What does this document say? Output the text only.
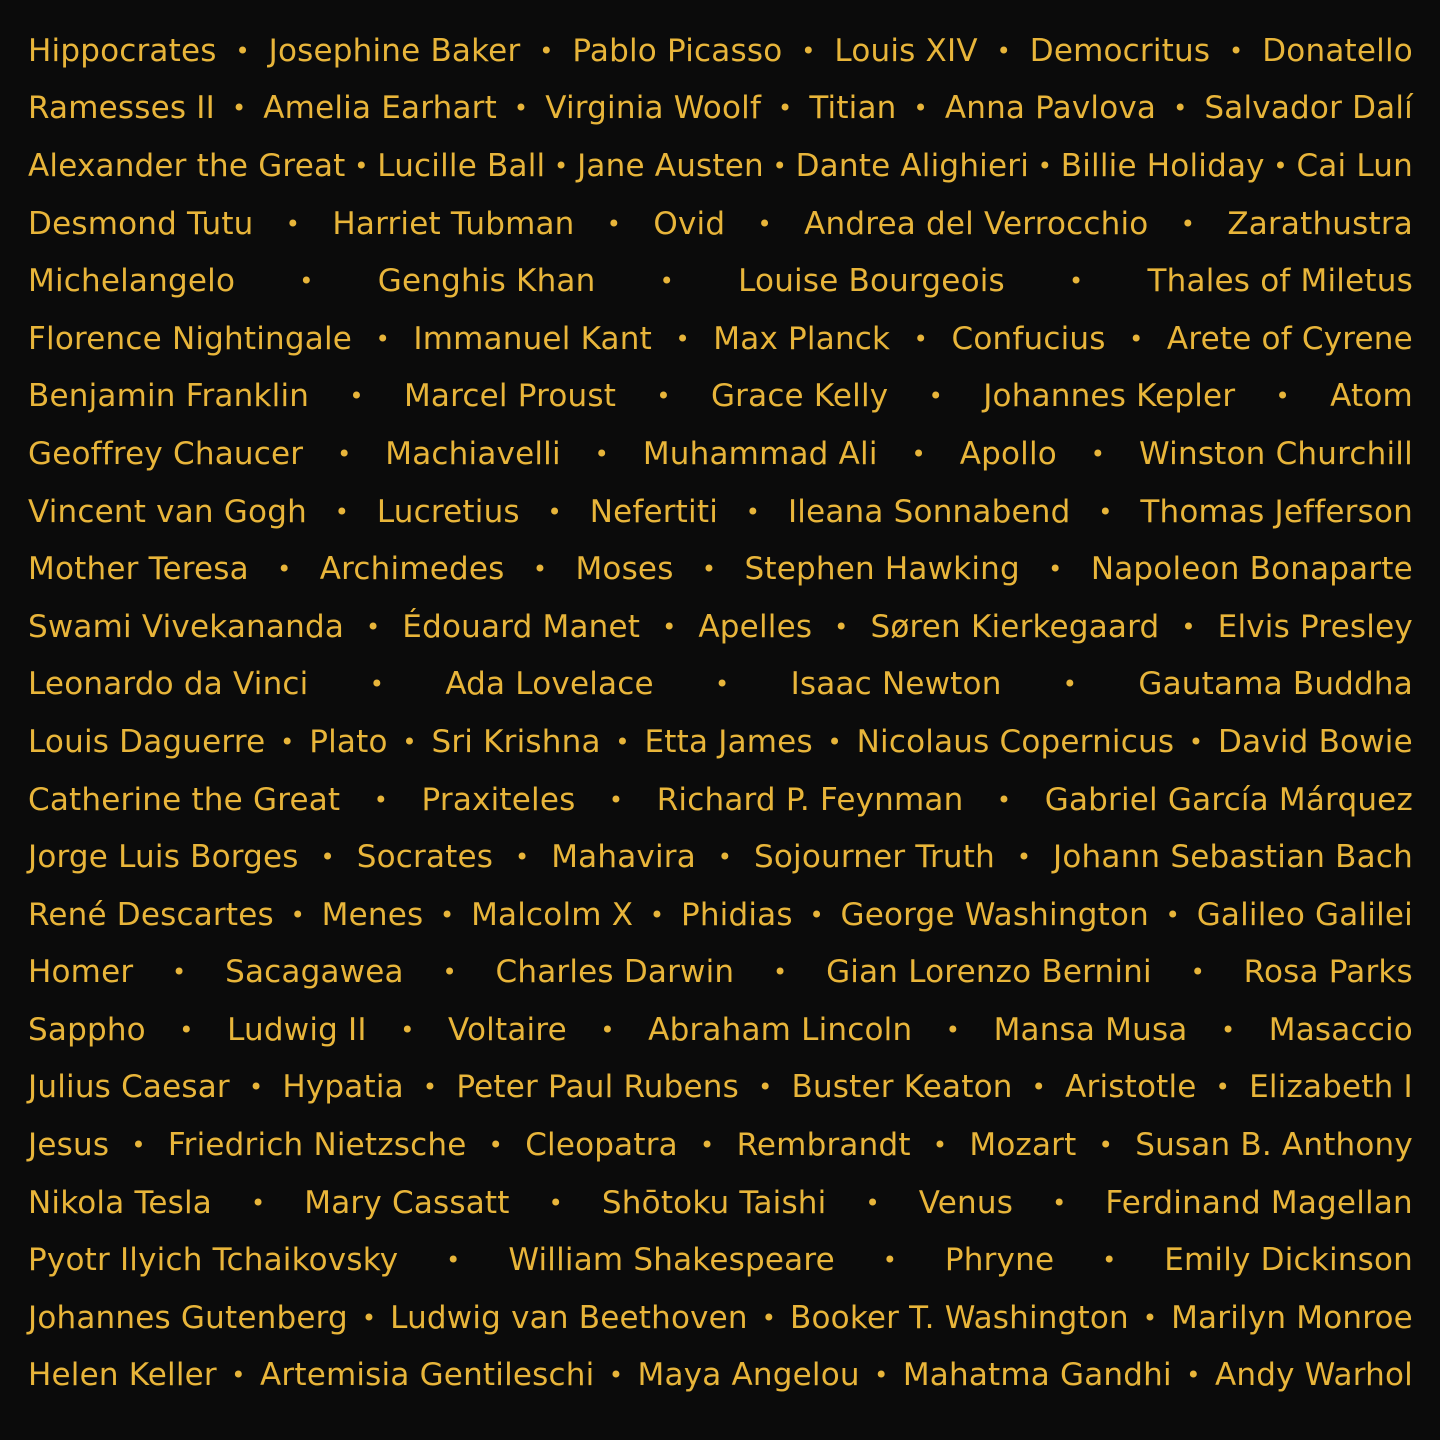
Hippocrates • Josephine Baker • Pablo Picasso • Louis XIV • Democritus • Donatello
Ramesses II • Amelia Earhart • Virginia Woolf • Titian • Anna Pavlova • Salvador Dalí
Alexander the Great • Lucille Ball • Jane Austen • Dante Alighieri • Billie Holiday • Cai Lun
Desmond Tutu • Harriet Tubman • Ovid • Andrea del Verrocchio • Zarathustra
Michelangelo	• Genghis Khan	• Louise Bourgeois	• Thales of Miletus
Florence Nightingale • Immanuel Kant • Max Planck • Confucius • Arete of Cyrene
Benjamin Franklin • Marcel Proust • Grace Kelly • Johannes Kepler • Atom
Geoffrey Chaucer • Machiavelli • Muhammad Ali • Apollo • Winston Churchill
Vincent van Gogh • Lucretius • Nefertiti • Ileana Sonnabend • Thomas Jefferson
Mother Teresa • Archimedes • Moses • Stephen Hawking • Napoleon Bonaparte
Swami Vivekananda • Édouard Manet • Apelles • Søren Kierkegaard • Elvis Presley
Leonardo da Vinci	• Ada Lovelace	• Isaac Newton	• Gautama Buddha
Louis Daguerre • Plato • Sri Krishna • Etta James • Nicolaus Copernicus • David Bowie
Catherine the Great • Praxiteles • Richard P. Feynman • Gabriel García Márquez
Jorge Luis Borges • Socrates • Mahavira • Sojourner Truth • Johann Sebastian Bach
René Descartes • Menes • Malcolm X • Phidias • George Washington • Galileo Galilei
Homer • Sacagawea • Charles Darwin • Gian Lorenzo Bernini • Rosa Parks
Sappho • Ludwig II • Voltaire • Abraham Lincoln • Mansa Musa • Masaccio
Julius Caesar • Hypatia • Peter Paul Rubens • Buster Keaton • Aristotle • Elizabeth I
Jesus • Friedrich Nietzsche • Cleopatra • Rembrandt • Mozart • Susan B. Anthony
Nikola Tesla • Mary Cassatt • Shōtoku Taishi • Venus • Ferdinand Magellan
Pyotr Ilyich Tchaikovsky • William Shakespeare • Phryne • Emily Dickinson
Johannes Gutenberg • Ludwig van Beethoven • Booker T. Washington • Marilyn Monroe
Helen Keller • Artemisia Gentileschi • Maya Angelou • Mahatma Gandhi • Andy Warhol
